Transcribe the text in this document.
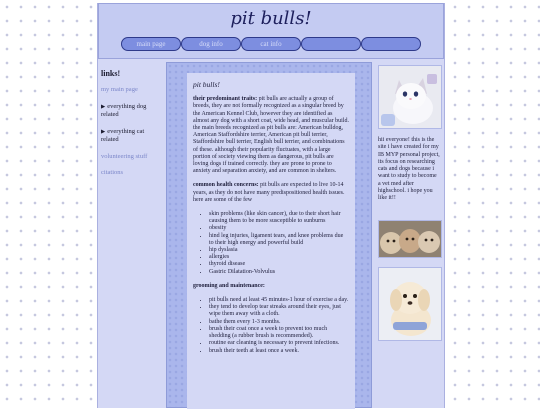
pit bulls!
main page	dog info	cat info
links!
my main page
▶ everything dog related
▶ everything cat related
volunteering stuff
citations
pit bulls!

their predominant traits: pit bulls are actually a group of breeds, they are not formally recognized as a singular breed by the American Kennel Club, however they are identified as almost any dog with a short coat, wide head, and muscular build. the main breeds recognized as pit bulls are: American bulldog, American Staffordshire terrier, American pit bull terrier, Staffordshire bull terrier, English bull terrier, and combinations of these. although their popularity fluctuates, with a large portion of society viewing them as dangerous, pit bulls are loving dogs if trained correctly. they are prone to prone to anxiety and separation anxiety, and are common in shelters.

common health concerns: pit bulls are expected to live 10-14 years, as they do not have many predispositioned health issues. here are some of the few

• skin problems (like skin cancer), due to their short hair causing them to be more susceptible to sunburns
• obesity
• hind leg injuries, ligament tears, and knee problems due to their high energy and powerful build
• hip dyslasia
• allergies
• thyroid disease
• Gastric Dilatation-Volvulus

grooming and maintenance:

• pit bulls need at least 45 minutes-1 hour of exercise a day.
• they tend to develop tear streaks around their eyes, just wipe them away with a cloth.
• bathe them every 1-3 months.
• brush their coat once a week to prevent too much shedding (a rubber brush is recommended).
• routine ear cleaning is necessary to prevent infections.
• brush their teeth at least once a week.
hii everyone! this is the site i have created for my IB MYP personal project, its focus on researching cats and dogs because i want to study to become a vet med after highschool. i hope you like it!!
